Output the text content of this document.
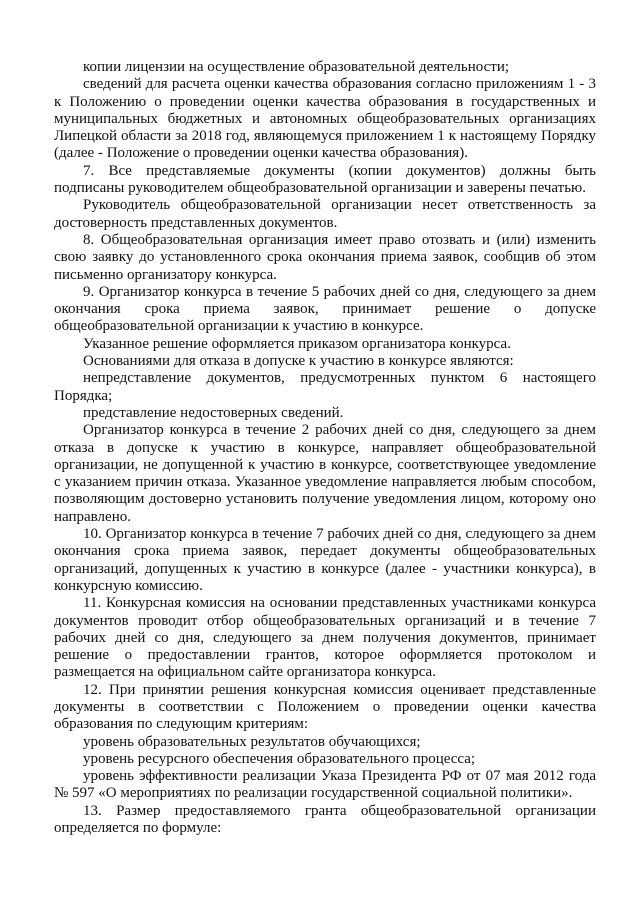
копии лицензии на осуществление образовательной деятельности;

сведений для расчета оценки качества образования согласно приложениям 1 - 3 к Положению о проведении оценки качества образования в государственных и муниципальных бюджетных и автономных общеобразовательных организациях Липецкой области за 2018 год, являющемуся приложением 1 к настоящему Порядку (далее - Положение о проведении оценки качества образования).

7. Все представляемые документы (копии документов) должны быть подписаны руководителем общеобразовательной организации и заверены печатью.

Руководитель общеобразовательной организации несет ответственность за достоверность представленных документов.

8. Общеобразовательная организация имеет право отозвать и (или) изменить свою заявку до установленного срока окончания приема заявок, сообщив об этом письменно организатору конкурса.

9. Организатор конкурса в течение 5 рабочих дней со дня, следующего за днем окончания срока приема заявок, принимает решение о допуске общеобразовательной организации к участию в конкурсе.

Указанное решение оформляется приказом организатора конкурса.

Основаниями для отказа в допуске к участию в конкурсе являются:

непредставление документов, предусмотренных пунктом 6 настоящего Порядка;

представление недостоверных сведений.

Организатор конкурса в течение 2 рабочих дней со дня, следующего за днем отказа в допуске к участию в конкурсе, направляет общеобразовательной организации, не допущенной к участию в конкурсе, соответствующее уведомление с указанием причин отказа. Указанное уведомление направляется любым способом, позволяющим достоверно установить получение уведомления лицом, которому оно направлено.

10. Организатор конкурса в течение 7 рабочих дней со дня, следующего за днем окончания срока приема заявок, передает документы общеобразовательных организаций, допущенных к участию в конкурсе (далее - участники конкурса), в конкурсную комиссию.

11. Конкурсная комиссия на основании представленных участниками конкурса документов проводит отбор общеобразовательных организаций и в течение 7 рабочих дней со дня, следующего за днем получения документов, принимает решение о предоставлении грантов, которое оформляется протоколом и размещается на официальном сайте организатора конкурса.

12. При принятии решения конкурсная комиссия оценивает представленные документы в соответствии с Положением о проведении оценки качества образования по следующим критериям:

уровень образовательных результатов обучающихся;

уровень ресурсного обеспечения образовательного процесса;

уровень эффективности реализации Указа Президента РФ от 07 мая 2012 года № 597 «О мероприятиях по реализации государственной социальной политики».

13. Размер предоставляемого гранта общеобразовательной организации определяется по формуле:
